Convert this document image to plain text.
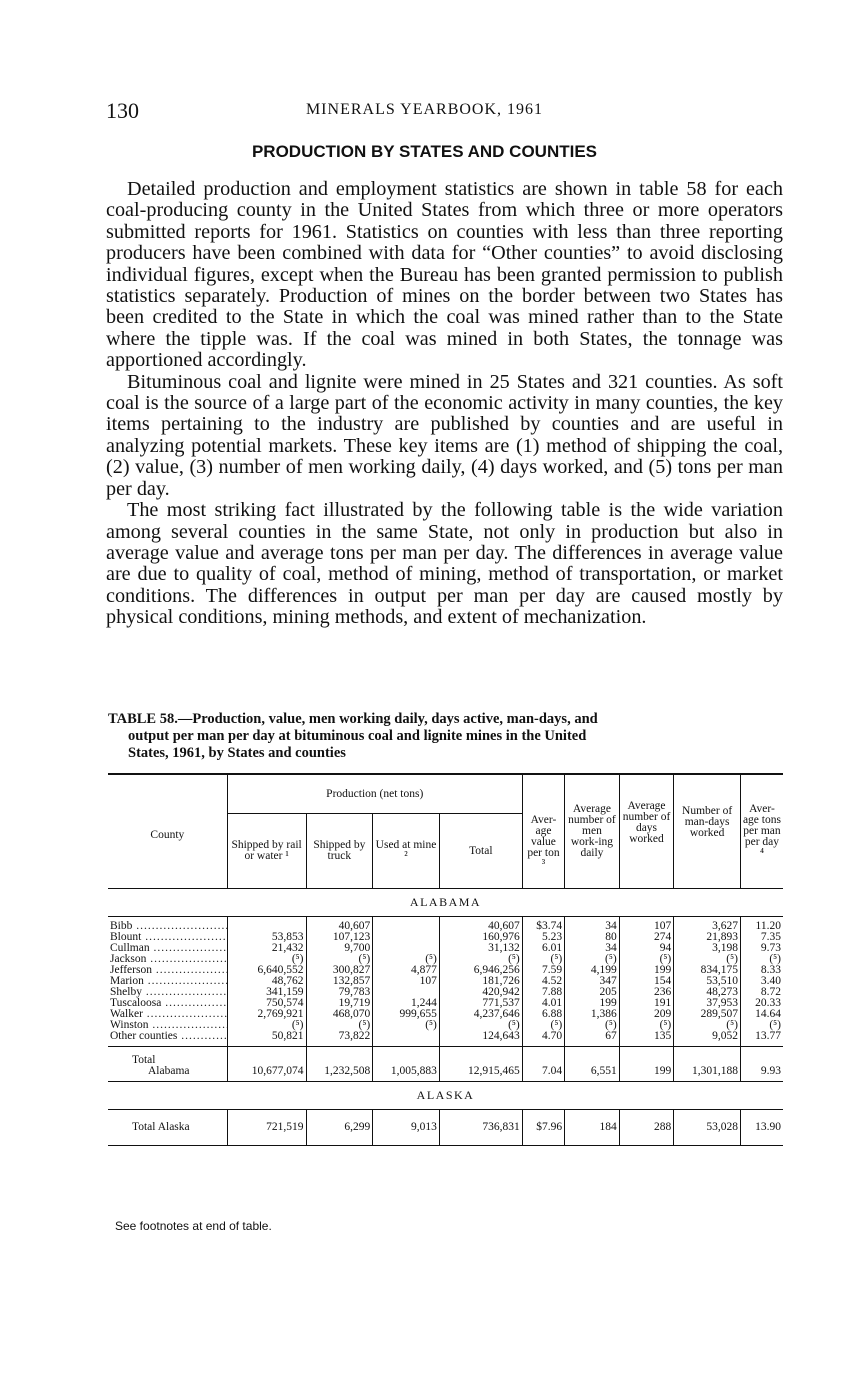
130	MINERALS YEARBOOK, 1961
PRODUCTION BY STATES AND COUNTIES

Detailed production and employment statistics are shown in table 58 for each coal-producing county in the United States from which three or more operators submitted reports for 1961. Statistics on counties with less than three reporting producers have been combined with data for “Other counties” to avoid disclosing individual figures, except when the Bureau has been granted permission to publish statistics separately. Production of mines on the border between two States has been credited to the State in which the coal was mined rather than to the State where the tipple was. If the coal was mined in both States, the tonnage was apportioned accordingly.

Bituminous coal and lignite were mined in 25 States and 321 counties. As soft coal is the source of a large part of the economic activity in many counties, the key items pertaining to the industry are published by counties and are useful in analyzing potential markets. These key items are (1) method of shipping the coal, (2) value, (3) number of men working daily, (4) days worked, and (5) tons per man per day.

The most striking fact illustrated by the following table is the wide variation among several counties in the same State, not only in production but also in average value and average tons per man per day. The differences in average value are due to quality of coal, method of mining, method of transportation, or market conditions. The differences in output per man per day are caused mostly by physical conditions, mining methods, and extent of mechanization.

TABLE 58.—Production, value, men working daily, days active, man-days, and
output per man per day at bituminous coal and lignite mines in the United
States, 1961, by States and counties
County	Production (net tons)				Aver-age value per ton ³	Average number of men work-ing daily	Average number of days worked	Number of man-days worked	Aver-age tons per man per day ⁴
	Shipped by rail or water ¹	Shipped by truck	Used at mine ²	Total					
ALABAMA									

Bibb .....		40,607		40,607	$3.74	34	107	3,627	11.20
Blount .....	53,853	107,123		160,976	5.23	80	274	21,893	7.35
Cullman .....	21,432	9,700		31,132	6.01	34	94	3,198	9.73
Jackson .....	(⁵)	(⁵)	(⁵)	(⁵)	(⁵)	(⁵)	(⁵)	(⁵)	(⁵)
Jefferson .....	6,640,552	300,827	4,877	6,946,256	7.59	4,199	199	834,175	8.33
Marion .....	48,762	132,857	107	181,726	4.52	347	154	53,510	3.40
Shelby .....	341,159	79,783		420,942	7.88	205	236	48,273	8.72
Tuscaloosa .....	750,574	19,719	1,244	771,537	4.01	199	191	37,953	20.33
Walker .....	2,769,921	468,070	999,655	4,237,646	6.88	1,386	209	289,507	14.64
Winston .....	(⁵)	(⁵)	(⁵)	(⁵)	(⁵)	(⁵)	(⁵)	(⁵)	(⁵)
Other counties .....	50,821	73,822		124,643	4.70	67	135	9,052	13.77

Total
Alabama	10,677,074	1,232,508	1,005,883	12,915,465	7.04	6,551	199	1,301,188	9.93
ALASKA									
Total Alaska	721,519	6,299	9,013	736,831	$7.96	184	288	53,028	13.90
See footnotes at end of table.
